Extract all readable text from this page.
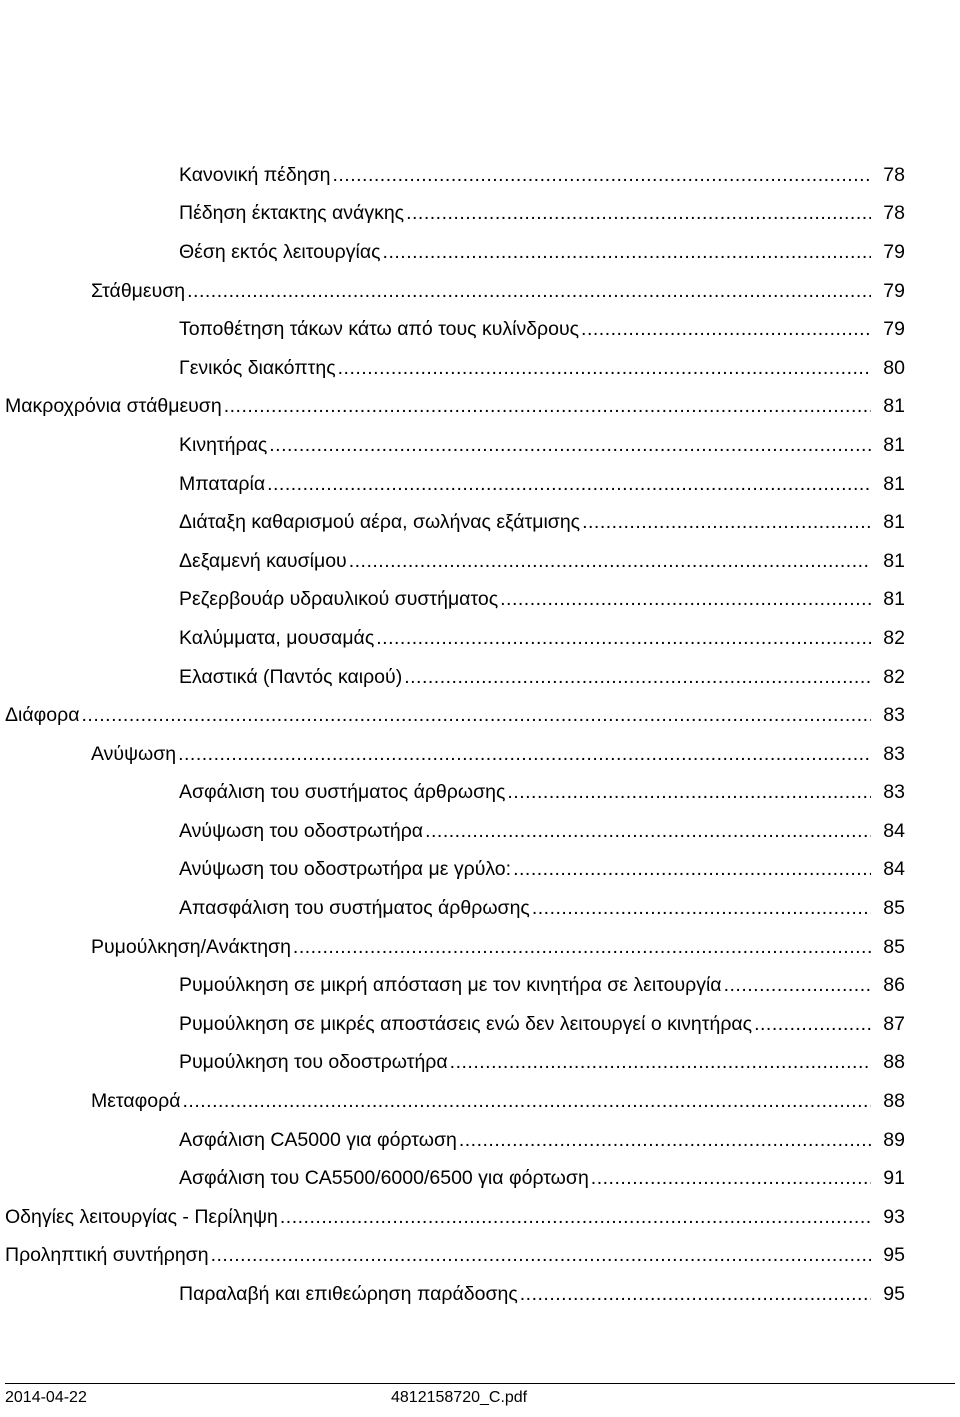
Κανονική πέδηση .....	78
Πέδηση έκτακτης ανάγκης .....	78
Θέση εκτός λειτουργίας .....	79
Στάθμευση .....	79
Τοποθέτηση τάκων κάτω από τους κυλίνδρους .....	79
Γενικός διακόπτης .....	80
Μακροχρόνια στάθμευση .....	81
Κινητήρας .....	81
Μπαταρία .....	81
Διάταξη καθαρισμού αέρα, σωλήνας εξάτμισης .....	81
Δεξαμενή καυσίμου .....	81
Ρεζερβουάρ υδραυλικού συστήματος .....	81
Καλύμματα, μουσαμάς .....	82
Ελαστικά (Παντός καιρού) .....	82
Διάφορα .....	83
Ανύψωση .....	83
Ασφάλιση του συστήματος άρθρωσης .....	83
Ανύψωση του οδοστρωτήρα .....	84
Ανύψωση του οδοστρωτήρα με γρύλο: .....	84
Απασφάλιση του συστήματος άρθρωσης .....	85
Ρυμούλκηση/Ανάκτηση .....	85
Ρυμούλκηση σε μικρή απόσταση με τον κινητήρα σε λειτουργία .....	86
Ρυμούλκηση σε μικρές αποστάσεις ενώ δεν λειτουργεί ο κινητήρας .....	87
Ρυμούλκηση του οδοστρωτήρα .....	88
Μεταφορά .....	88
Ασφάλιση CA5000 για φόρτωση .....	89
Ασφάλιση του CA5500/6000/6500 για φόρτωση .....	91
Οδηγίες λειτουργίας - Περίληψη .....	93
Προληπτική συντήρηση .....	95
Παραλαβή και επιθεώρηση παράδοσης .....	95
2014-04-22	4812158720_C.pdf
